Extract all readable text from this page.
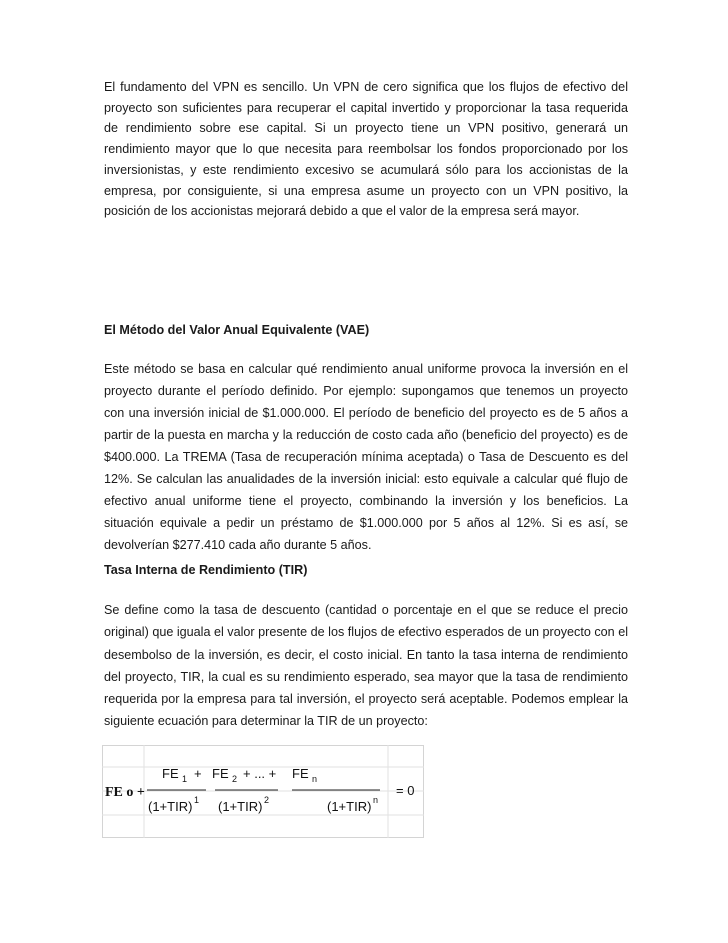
El fundamento del VPN es sencillo. Un VPN de cero significa que los flujos de efectivo del proyecto son suficientes para recuperar el capital invertido y proporcionar la tasa requerida de rendimiento sobre ese capital. Si un proyecto tiene un VPN positivo, generará un rendimiento mayor que lo que necesita para reembolsar los fondos proporcionado por los inversionistas, y este rendimiento excesivo se acumulará sólo para los accionistas de la empresa, por consiguiente, si una empresa asume un proyecto con un VPN positivo, la posición de los accionistas mejorará debido a que el valor de la empresa será mayor.

El Método del Valor Anual Equivalente (VAE)

Este método se basa en calcular qué rendimiento anual uniforme provoca la inversión en el proyecto durante el período definido. Por ejemplo: supongamos que tenemos un proyecto con una inversión inicial de $1.000.000. El período de beneficio del proyecto es de 5 años a partir de la puesta en marcha y la reducción de costo cada año (beneficio del proyecto) es de $400.000. La TREMA (Tasa de recuperación mínima aceptada) o Tasa de Descuento es del 12%. Se calculan las anualidades de la inversión inicial: esto equivale a calcular qué flujo de efectivo anual uniforme tiene el proyecto, combinando la inversión y los beneficios. La situación equivale a pedir un préstamo de $1.000.000 por 5 años al 12%. Si es así, se devolverían $277.410 cada año durante 5 años.

Tasa Interna de Rendimiento (TIR)

Se define como la tasa de descuento (cantidad o porcentaje en el que se reduce el precio original) que iguala el valor presente de los flujos de efectivo esperados de un proyecto con el desembolso de la inversión, es decir, el costo inicial. En tanto la tasa interna de rendimiento del proyecto, TIR, la cual es su rendimiento esperado, sea mayor que la tasa de rendimiento requerida por la empresa para tal inversión, el proyecto será aceptable. Podemos emplear la siguiente ecuación para determinar la TIR de un proyecto:

FE o +
FE 1 + FE 2 + ... + FE n
(1+TIR) 1 (1+TIR) 2	(1+TIR) n
= 0
